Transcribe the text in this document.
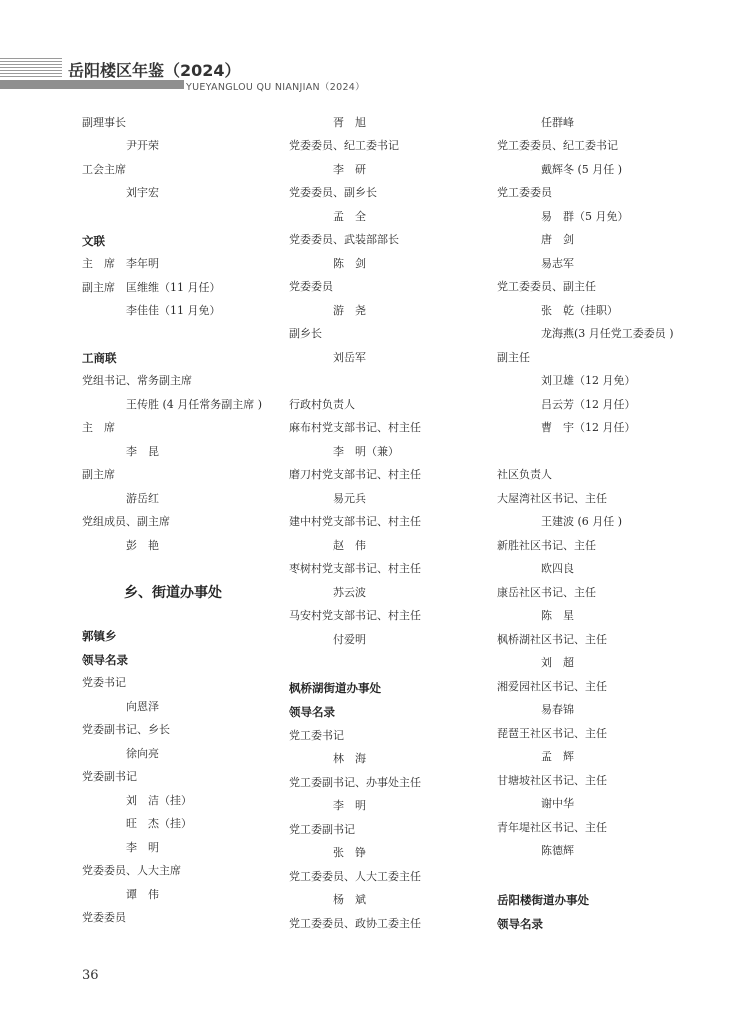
岳阳楼区年鉴（2024）
YUEYANGLOU QU NIANJIAN（2024）
副理事长
尹开荣
工会主席
刘宇宏
文联
主　席　李年明
副主席　匡维维（11 月任）
李佳佳（11 月免）
工商联
党组书记、常务副主席
王传胜 (4 月任常务副主席 )
主　席
李　昆
副主席
游岳红
党组成员、副主席
彭　艳
乡、街道办事处
郭镇乡
领导名录
党委书记
向恩泽
党委副书记、乡长
徐向亮
党委副书记
刘　洁（挂）
旺　杰（挂）
李　明
党委委员、人大主席
谭　伟
党委委员
胥　旭
党委委员、纪工委书记
李　研
党委委员、副乡长
孟　全
党委委员、武装部部长
陈　剑
党委委员
游　尧
副乡长
刘岳军
行政村负责人
麻布村党支部书记、村主任
李　明（兼）
磨刀村党支部书记、村主任
易元兵
建中村党支部书记、村主任
赵　伟
枣树村党支部书记、村主任
苏云波
马安村党支部书记、村主任
付爱明
枫桥湖街道办事处
领导名录
党工委书记
林　海
党工委副书记、办事处主任
李　明
党工委副书记
张　铮
党工委委员、人大工委主任
杨　斌
党工委委员、政协工委主任
任群峰
党工委委员、纪工委书记
戴辉冬 (5 月任 )
党工委委员
易　群（5 月免）
唐　剑
易志军
党工委委员、副主任
张　乾（挂职）
龙海燕(3 月任党工委委员 )
副主任
刘卫雄（12 月免）
吕云芳（12 月任）
曹　宇（12 月任）
社区负责人
大屋湾社区书记、主任
王建波 (6 月任 )
新胜社区书记、主任
欧四良
康岳社区书记、主任
陈　星
枫桥湖社区书记、主任
刘　超
湘爱园社区书记、主任
易春锦
琵琶王社区书记、主任
孟　辉
甘塘坡社区书记、主任
谢中华
青年堤社区书记、主任
陈德辉
岳阳楼街道办事处
领导名录
36
